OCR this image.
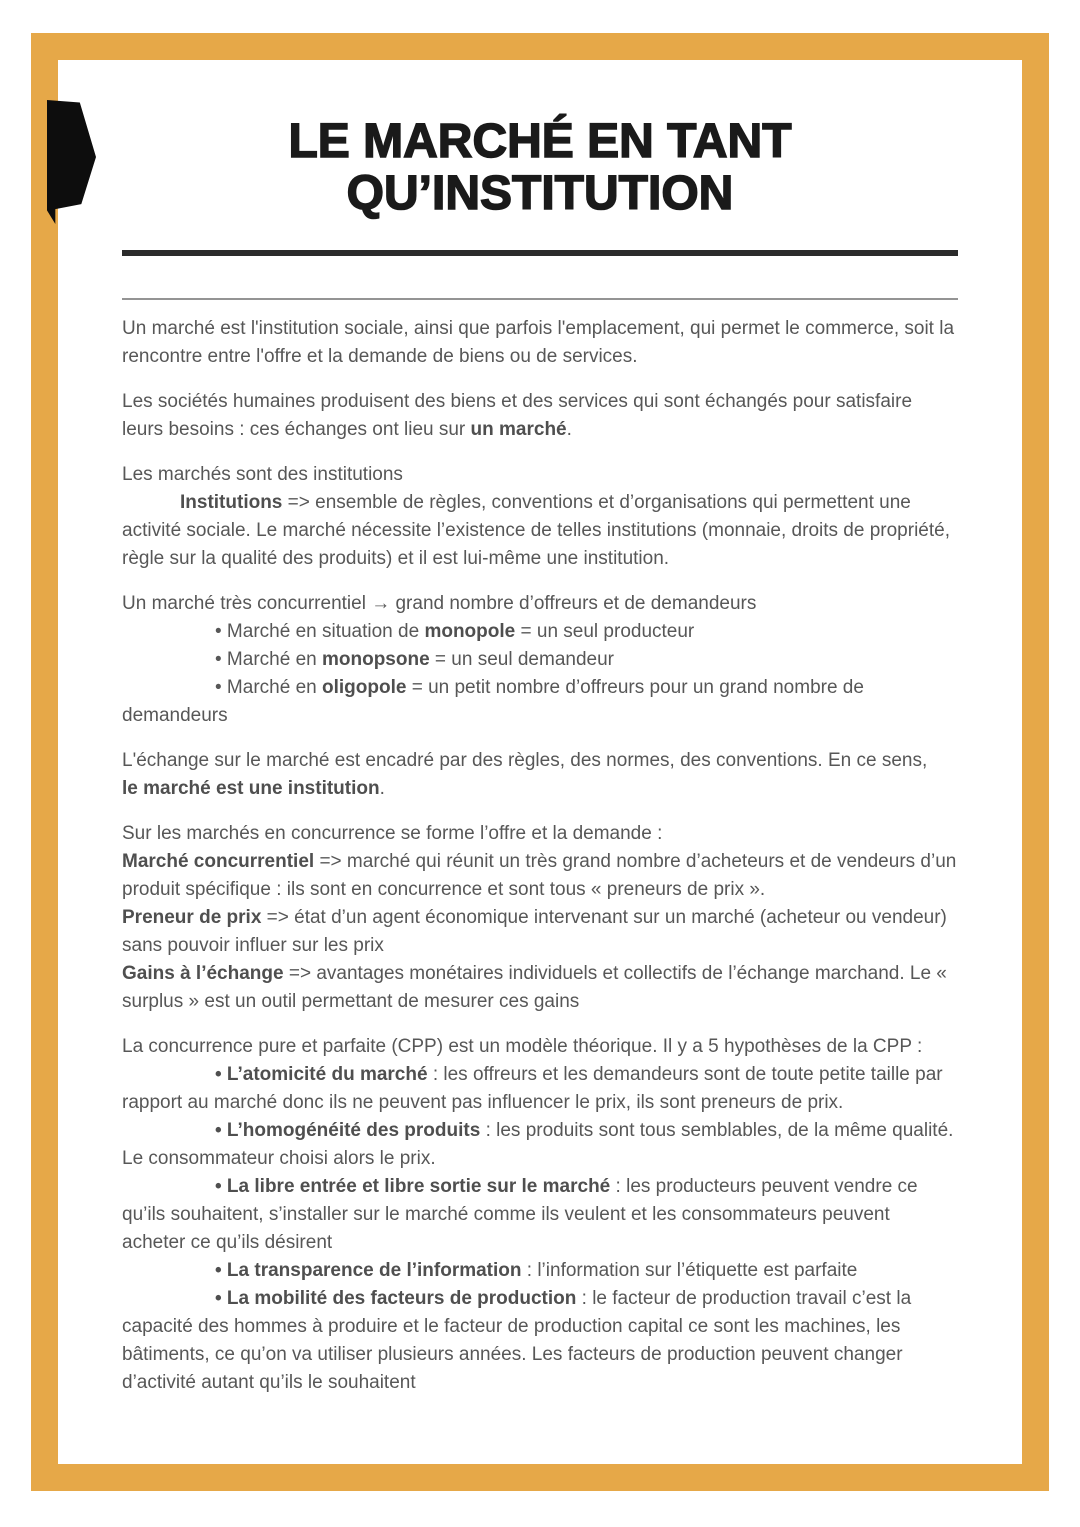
LE MARCHÉ EN TANT
QU’INSTITUTION

Un marché est l'institution sociale, ainsi que parfois l'emplacement, qui permet le commerce, soit la rencontre entre l'offre et la demande de biens ou de services.

Les sociétés humaines produisent des biens et des services qui sont échangés pour satisfaire leurs besoins : ces échanges ont lieu sur un marché.

Les marchés sont des institutions

Institutions => ensemble de règles, conventions et d’organisations qui permettent une activité sociale. Le marché nécessite l’existence de telles institutions (monnaie, droits de propriété, règle sur la qualité des produits) et il est lui-même une institution.

Un marché très concurrentiel → grand nombre d’offreurs et de demandeurs

• Marché en situation de monopole = un seul producteur

• Marché en monopsone = un seul demandeur

• Marché en oligopole = un petit nombre d’offreurs pour un grand nombre de demandeurs

L'échange sur le marché est encadré par des règles, des normes, des conventions. En ce sens,
le marché est une institution.

Sur les marchés en concurrence se forme l’offre et la demande :

Marché concurrentiel => marché qui réunit un très grand nombre d’acheteurs et de vendeurs d’un produit spécifique : ils sont en concurrence et sont tous « preneurs de prix ».

Preneur de prix => état d’un agent économique intervenant sur un marché (acheteur ou vendeur) sans pouvoir influer sur les prix

Gains à l’échange => avantages monétaires individuels et collectifs de l’échange marchand. Le « surplus » est un outil permettant de mesurer ces gains

La concurrence pure et parfaite (CPP) est un modèle théorique. Il y a 5 hypothèses de la CPP :

• L’atomicité du marché : les offreurs et les demandeurs sont de toute petite taille par rapport au marché donc ils ne peuvent pas influencer le prix, ils sont preneurs de prix.

• L’homogénéité des produits : les produits sont tous semblables, de la même qualité. Le consommateur choisi alors le prix.

• La libre entrée et libre sortie sur le marché : les producteurs peuvent vendre ce qu’ils souhaitent, s’installer sur le marché comme ils veulent et les consommateurs peuvent acheter ce qu’ils désirent

• La transparence de l’information : l’information sur l’étiquette est parfaite

• La mobilité des facteurs de production : le facteur de production travail c’est la capacité des hommes à produire et le facteur de production capital ce sont les machines, les bâtiments, ce qu’on va utiliser plusieurs années. Les facteurs de production peuvent changer d’activité autant qu’ils le souhaitent
